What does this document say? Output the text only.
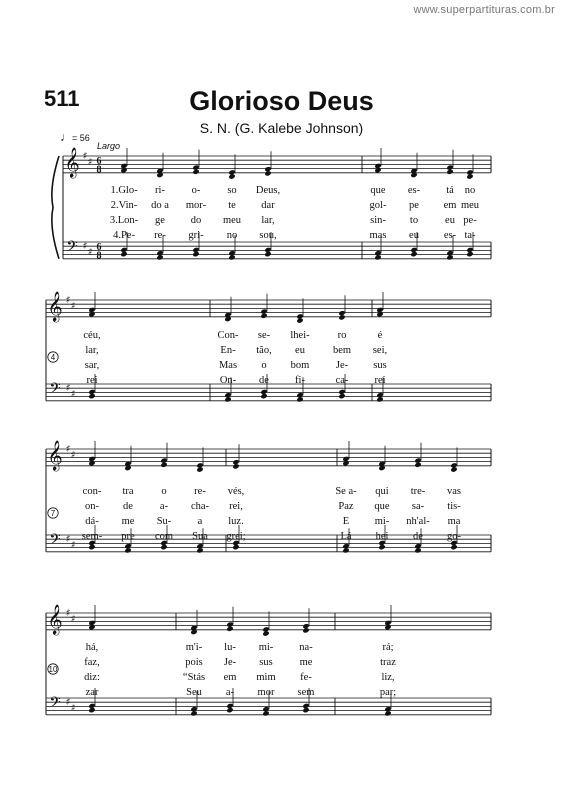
www.superpartituras.com.br
511	Glorioso Deus
S. N. (G. Kalebe Johnson)
♩= 56
Largo
𝄞
𝄢
♯
♯
♯
♯
6
8
6
8
1.Glo- ri-	o-	so Deus,	que es- tá no
2.Vin- do a mor- te dar	gol- pe em meu
3.Lon- ge do meu lar,	sin- to	eu pe-
4.Pe- re- gri- no sou,	mas eu es- ta-
𝄞
𝄢
♯
♯
♯
♯
4
céu,	Con- se- lhei-	ro	é
lar,	En- tão, eu	bem sei,
sar,	Mas o bom	Je- sus
rei	On- de fi-	ca- rei
𝄞
𝄢
♯
♯
♯
♯
7
con- tra	o	re- vés,	Se a- qui tre- vas
on- de	a- cha- rei,	Paz que sa- tis-
dá- me Su-	a luz.	E mi- nh'al- ma
sem- pre com Sua grei;	Lá hei de go-
𝄞
𝄢
♯
♯
♯
♯
10
há,	m'i- lu- mi- na-	rá;
faz,	pois Je- sus	me	traz
diz:	“Stás em mim fe-	liz,
zar	Seu a- mor sem	par;
